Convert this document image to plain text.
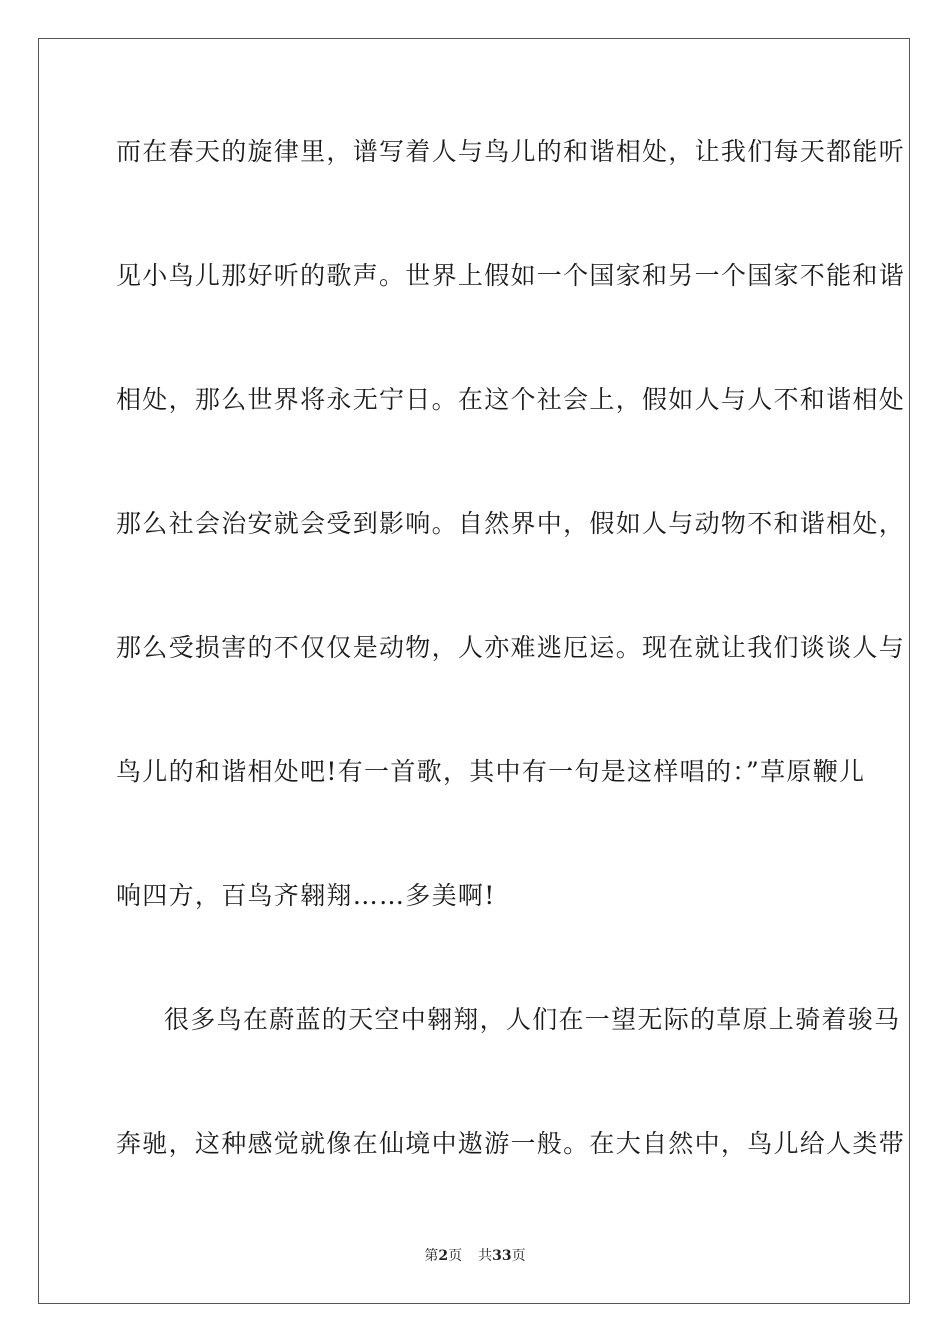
而在春天的旋律里，谱写着人与鸟儿的和谐相处，让我们每天都能听
见小鸟儿那好听的歌声。世界上假如一个国家和另一个国家不能和谐
相处，那么世界将永无宁日。在这个社会上，假如人与人不和谐相处
那么社会治安就会受到影响。自然界中，假如人与动物不和谐相处，
那么受损害的不仅仅是动物，人亦难逃厄运。现在就让我们谈谈人与
鸟儿的和谐相处吧!有一首歌，其中有一句是这样唱的：”草原鞭儿
响四方，百鸟齐翱翔……多美啊!
很多鸟在蔚蓝的天空中翱翔，人们在一望无际的草原上骑着骏马
奔驰，这种感觉就像在仙境中遨游一般。在大自然中，鸟儿给人类带
第2页 共33页
